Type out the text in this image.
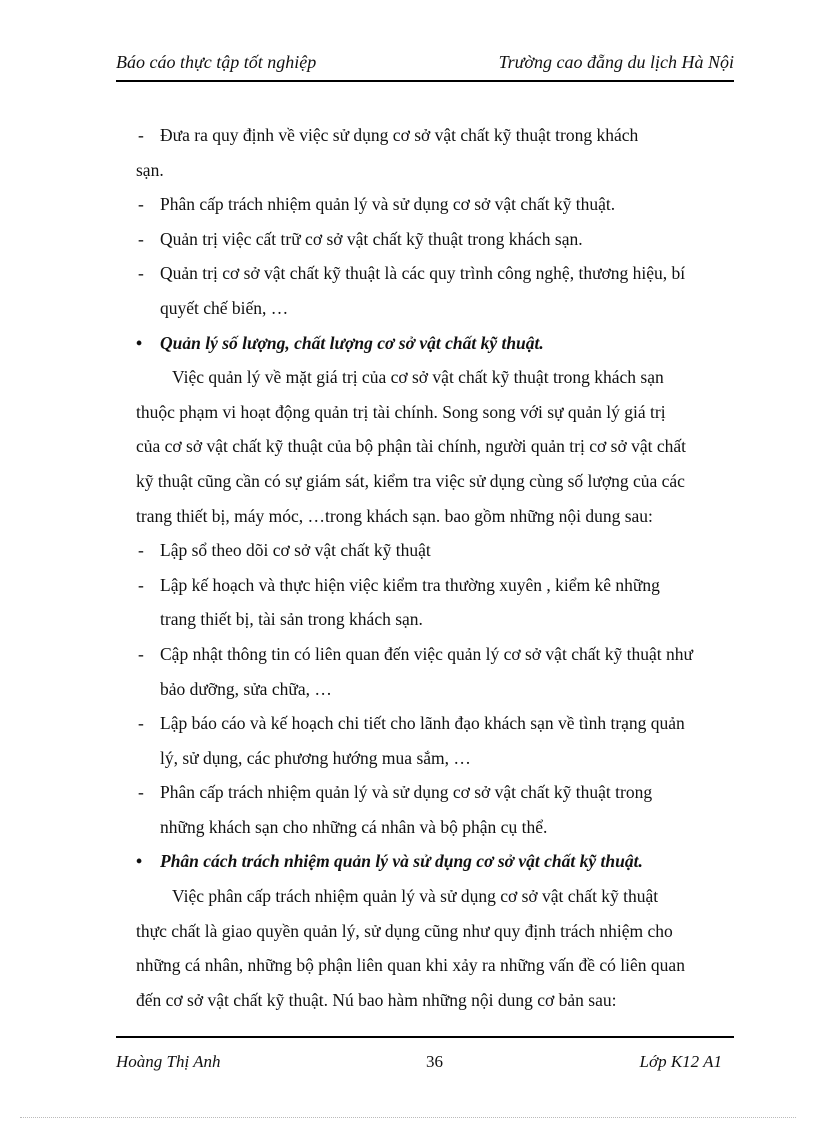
Báo cáo thực tập tốt nghiệp	Trường cao đẵng du lịch Hà Nội
- Đưa ra quy định về việc sử dụng cơ sở vật chất kỹ thuật trong khách
sạn.
- Phân cấp trách nhiệm quản lý và sử dụng cơ sở vật chất kỹ thuật.
- Quản trị việc cất trữ cơ sở vật chất kỹ thuật trong khách sạn.
- Quản trị cơ sở vật chất kỹ thuật là các quy trình công nghệ, thương hiệu, bí
quyết chế biến, …
• Quản lý số lượng, chất lượng cơ sở vật chất kỹ thuật.
Việc quản lý về mặt giá trị của cơ sở vật chất kỹ thuật trong khách sạn
thuộc phạm vi hoạt động quản trị tài chính. Song song với sự quản lý giá trị
của cơ sở vật chất kỹ thuật của bộ phận tài chính, người quản trị cơ sở vật chất
kỹ thuật cũng cần có sự giám sát, kiểm tra việc sử dụng cùng số lượng của các
trang thiết bị, máy móc, …trong khách sạn. bao gồm những nội dung sau:
- Lập sổ theo dõi cơ sở vật chất kỹ thuật
- Lập kế hoạch và thực hiện việc kiểm tra thường xuyên , kiểm kê những
trang thiết bị, tài sản trong khách sạn.
- Cập nhật thông tin có liên quan đến việc quản lý cơ sở vật chất kỹ thuật như
bảo dưỡng, sửa chữa, …
- Lập báo cáo và kế hoạch chi tiết cho lãnh đạo khách sạn về tình trạng quản
lý, sử dụng, các phương hướng mua sắm, …
- Phân cấp trách nhiệm quản lý và sử dụng cơ sở vật chất kỹ thuật trong
những khách sạn cho những cá nhân và bộ phận cụ thể.
• Phân cách trách nhiệm quản lý và sử dụng cơ sở vật chất kỹ thuật.
Việc phân cấp trách nhiệm quản lý và sử dụng cơ sở vật chất kỹ thuật
thực chất là giao quyền quản lý, sử dụng cũng như quy định trách nhiệm cho
những cá nhân, những bộ phận liên quan khi xảy ra những vấn đề có liên quan
đến cơ sở vật chất kỹ thuật. Nú bao hàm những nội dung cơ bản sau:
Hoàng Thị Anh	36	Lớp K12 A1
